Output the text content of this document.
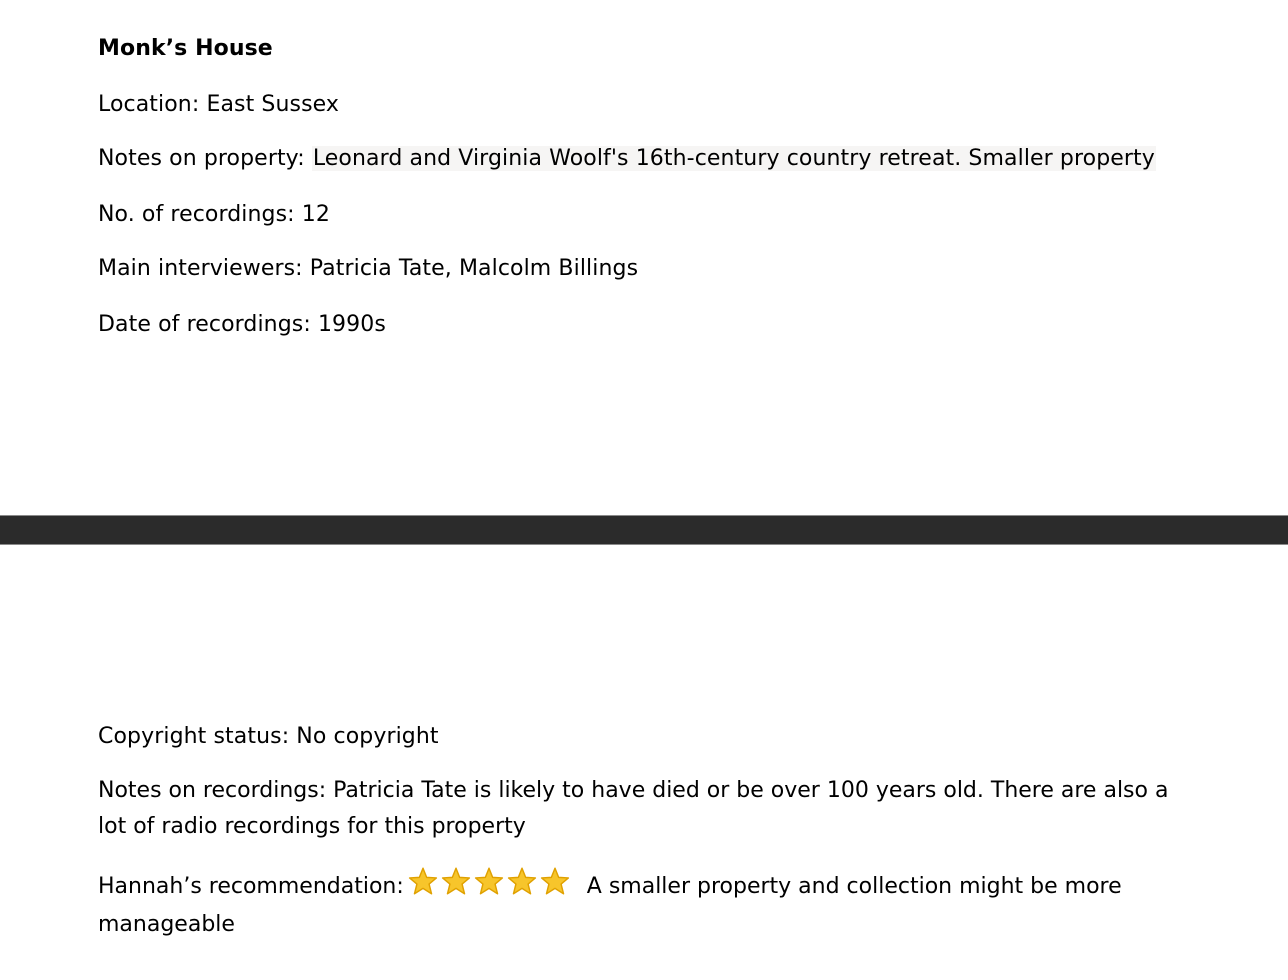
Monk’s House
Location: East Sussex
Notes on property: Leonard and Virginia Woolf's 16th-century country retreat. Smaller property
No. of recordings: 12
Main interviewers: Patricia Tate, Malcolm Billings
Date of recordings: 1990s
Copyright status: No copyright
Notes on recordings: Patricia Tate is likely to have died or be over 100 years old. There are also a lot of radio recordings for this property
Hannah’s recommendation:	A smaller property and collection might be more manageable
